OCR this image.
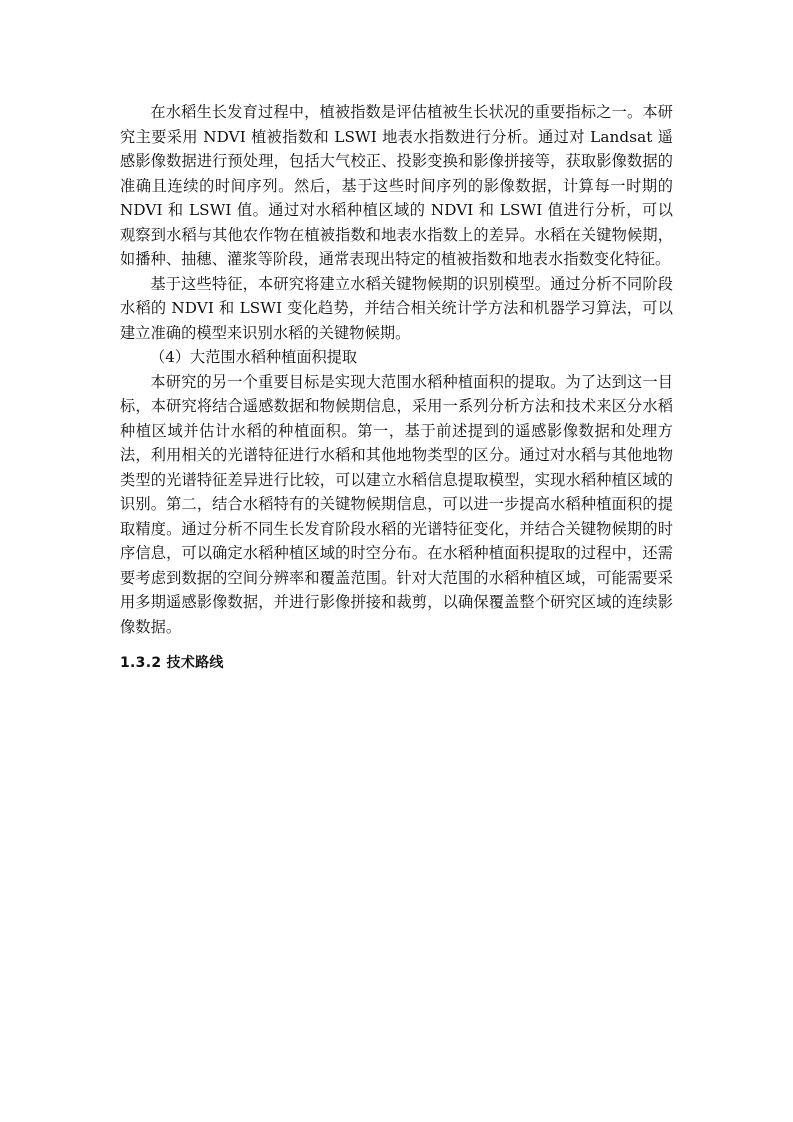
在水稻生长发育过程中，植被指数是评估植被生长状况的重要指标之一。本研究主要采用 NDVI 植被指数和 LSWI 地表水指数进行分析。通过对 Landsat 遥感影像数据进行预处理，包括大气校正、投影变换和影像拼接等，获取影像数据的准确且连续的时间序列。然后，基于这些时间序列的影像数据，计算每一时期的 NDVI 和 LSWI 值。通过对水稻种植区域的 NDVI 和 LSWI 值进行分析，可以观察到水稻与其他农作物在植被指数和地表水指数上的差异。水稻在关键物候期，如播种、抽穗、灌浆等阶段，通常表现出特定的植被指数和地表水指数变化特征。

基于这些特征，本研究将建立水稻关键物候期的识别模型。通过分析不同阶段水稻的 NDVI 和 LSWI 变化趋势，并结合相关统计学方法和机器学习算法，可以建立准确的模型来识别水稻的关键物候期。

（4）大范围水稻种植面积提取

本研究的另一个重要目标是实现大范围水稻种植面积的提取。为了达到这一目标，本研究将结合遥感数据和物候期信息，采用一系列分析方法和技术来区分水稻种植区域并估计水稻的种植面积。第一，基于前述提到的遥感影像数据和处理方法，利用相关的光谱特征进行水稻和其他地物类型的区分。通过对水稻与其他地物类型的光谱特征差异进行比较，可以建立水稻信息提取模型，实现水稻种植区域的识别。第二，结合水稻特有的关键物候期信息，可以进一步提高水稻种植面积的提取精度。通过分析不同生长发育阶段水稻的光谱特征变化，并结合关键物候期的时序信息，可以确定水稻种植区域的时空分布。在水稻种植面积提取的过程中，还需要考虑到数据的空间分辨率和覆盖范围。针对大范围的水稻种植区域，可能需要采用多期遥感影像数据，并进行影像拼接和裁剪，以确保覆盖整个研究区域的连续影像数据。

1.3.2 技术路线
